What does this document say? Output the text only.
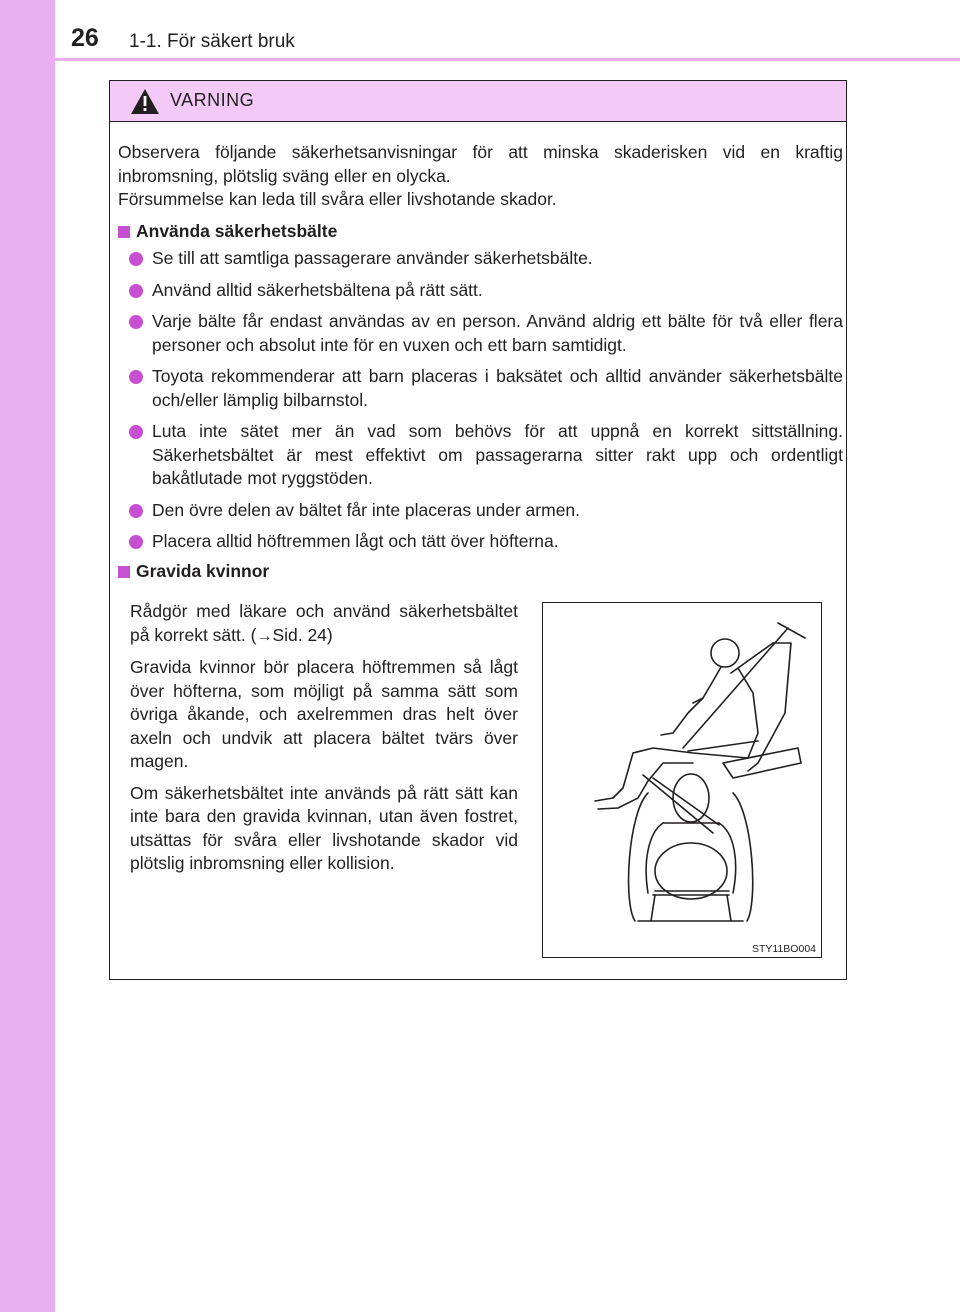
26 1-1. För säkert bruk
VARNING

Observera följande säkerhetsanvisningar för att minska skaderisken vid en kraftig inbromsning, plötslig sväng eller en olycka.
Försummelse kan leda till svåra eller livshotande skador.

Använda säkerhetsbälte
Se till att samtliga passagerare använder säkerhetsbälte.
Använd alltid säkerhetsbältena på rätt sätt.
Varje bälte får endast användas av en person. Använd aldrig ett bälte för två eller flera personer och absolut inte för en vuxen och ett barn samtidigt.
Toyota rekommenderar att barn placeras i baksätet och alltid använder säkerhetsbälte och/eller lämplig bilbarnstol.
Luta inte sätet mer än vad som behövs för att uppnå en korrekt sittställning. Säkerhetsbältet är mest effektivt om passagerarna sitter rakt upp och ordentligt bakåtlutade mot ryggstöden.
Den övre delen av bältet får inte placeras under armen.
Placera alltid höftremmen lågt och tätt över höfterna.
Gravida kvinnor

Rådgör med läkare och använd säkerhetsbältet på korrekt sätt. (→Sid. 24)

Gravida kvinnor bör placera höftremmen så lågt över höfterna, som möjligt på samma sätt som övriga åkande, och axelremmen dras helt över axeln och undvik att placera bältet tvärs över magen.

Om säkerhetsbältet inte används på rätt sätt kan inte bara den gravida kvinnan, utan även fostret, utsättas för svåra eller livshotande skador vid plötslig inbromsning eller kollision.

STY11BO004
